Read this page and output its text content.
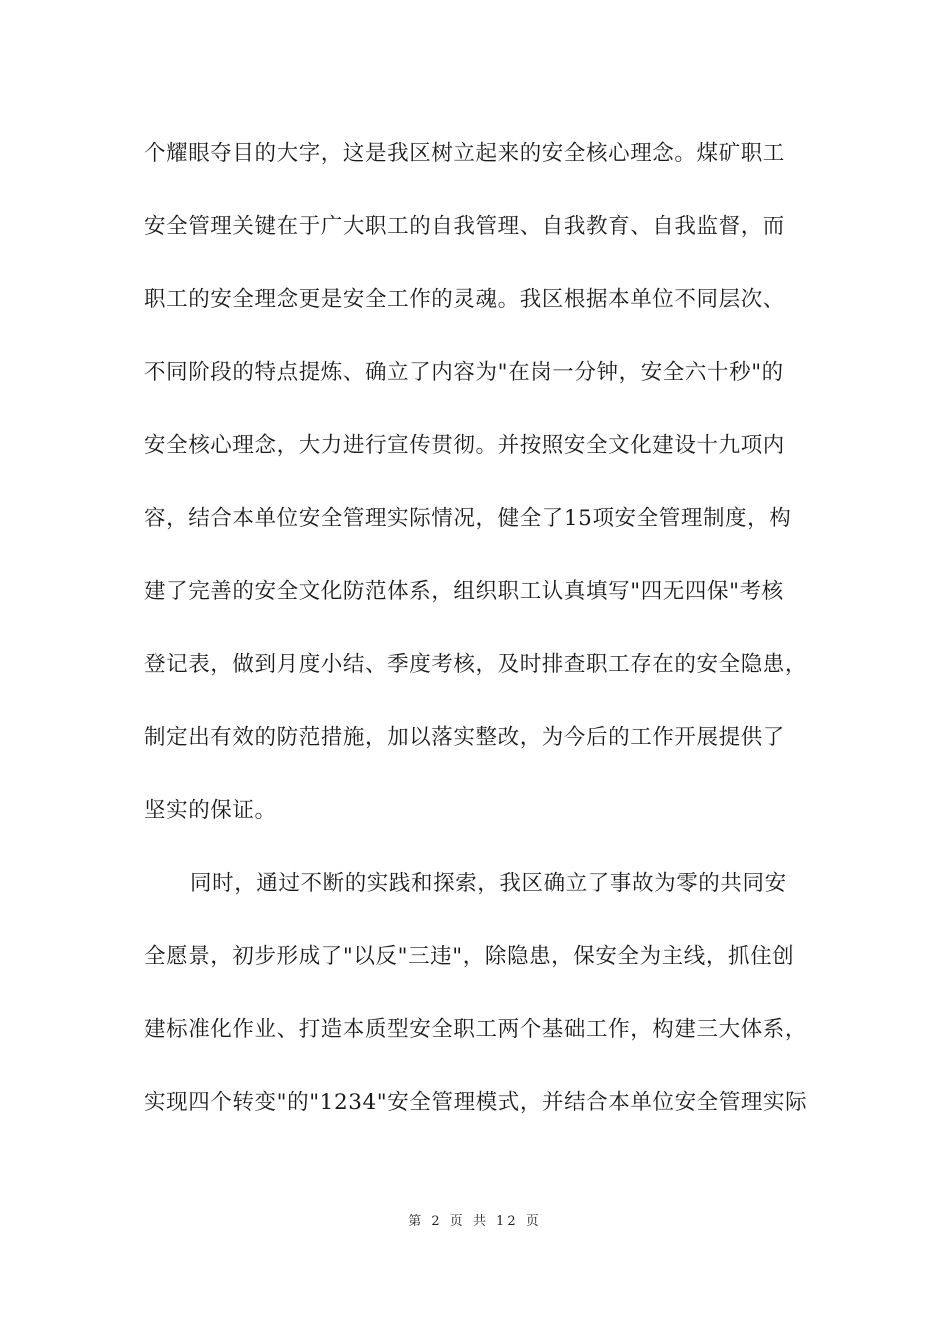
个耀眼夺目的大字，这是我区树立起来的安全核心理念。煤矿职工
安全管理关键在于广大职工的自我管理、自我教育、自我监督，而
职工的安全理念更是安全工作的灵魂。我区根据本单位不同层次、
不同阶段的特点提炼、确立了内容为"在岗一分钟，安全六十秒"的
安全核心理念，大力进行宣传贯彻。并按照安全文化建设十九项内
容，结合本单位安全管理实际情况，健全了15项安全管理制度，构
建了完善的安全文化防范体系，组织职工认真填写"四无四保"考核
登记表，做到月度小结、季度考核，及时排查职工存在的安全隐患，
制定出有效的防范措施，加以落实整改，为今后的工作开展提供了
坚实的保证。
同时，通过不断的实践和探索，我区确立了事故为零的共同安
全愿景，初步形成了"以反"三违"，除隐患，保安全为主线，抓住创
建标准化作业、打造本质型安全职工两个基础工作，构建三大体系，
实现四个转变"的"1234"安全管理模式，并结合本单位安全管理实际
第 2 页 共 12 页
